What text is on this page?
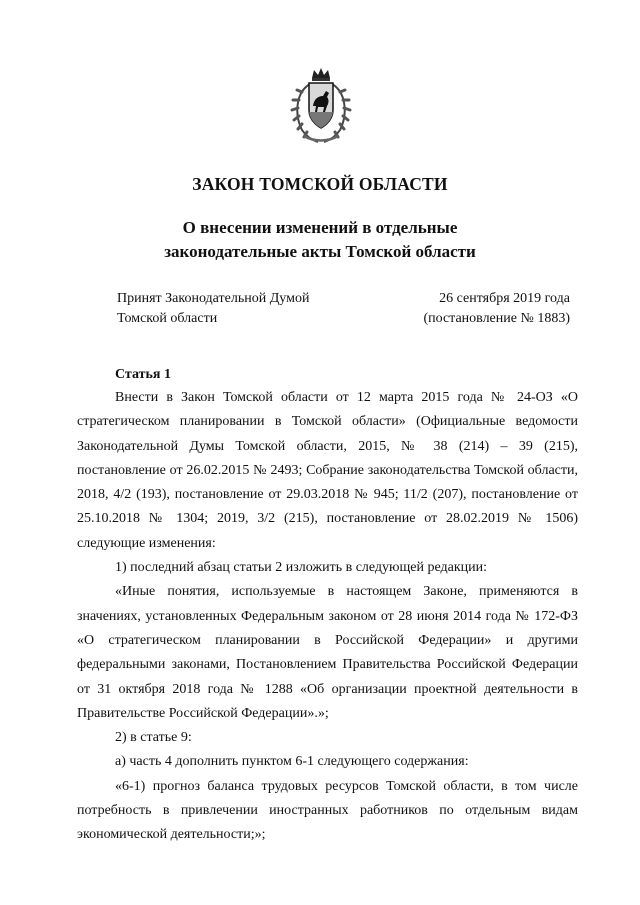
ЗАКОН ТОМСКОЙ ОБЛАСТИ
О внесении изменений в отдельные
законодательные акты Томской области
Принят Законодательной Думой
Томской области
26 сентября 2019 года
(постановление № 1883)
Статья 1

Внести в Закон Томской области от 12 марта 2015 года № 24-ОЗ «О стратегическом планировании в Томской области» (Официальные ведомости Законодательной Думы Томской области, 2015, № 38 (214) – 39 (215), постановление от 26.02.2015 № 2493; Собрание законодательства Томской области, 2018, 4/2 (193), постановление от 29.03.2018 № 945; 11/2 (207), постановление от 25.10.2018 № 1304; 2019, 3/2 (215), постановление от 28.02.2019 № 1506) следующие изменения:

1) последний абзац статьи 2 изложить в следующей редакции:

«Иные понятия, используемые в настоящем Законе, применяются в значениях, установленных Федеральным законом от 28 июня 2014 года № 172-ФЗ «О стратегическом планировании в Российской Федерации» и другими федеральными законами, Постановлением Правительства Российской Федерации от 31 октября 2018 года № 1288 «Об организации проектной деятельности в Правительстве Российской Федерации».»;

2) в статье 9:

а) часть 4 дополнить пунктом 6-1 следующего содержания:

«6-1) прогноз баланса трудовых ресурсов Томской области, в том числе потребность в привлечении иностранных работников по отдельным видам экономической деятельности;»;
